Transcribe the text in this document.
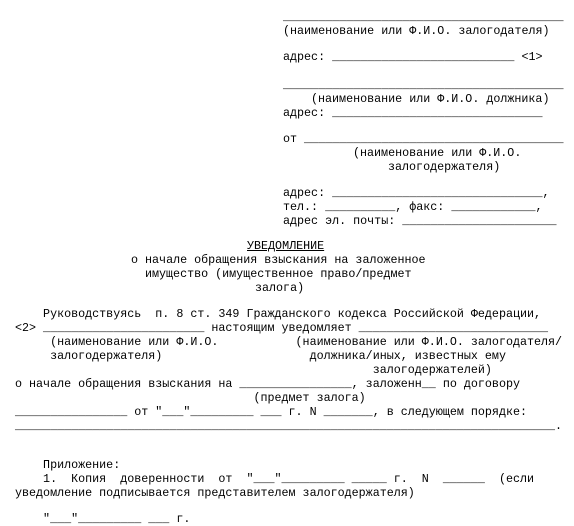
________________________________________
(наименование или Ф.И.О. залогодателя)
адрес: __________________________ <1>
________________________________________
(наименование или Ф.И.О. должника)
адрес: ______________________________
от _____________________________________
(наименование или Ф.И.О.
залогодержателя)
адрес: ______________________________,
тел.: __________, факс: ____________,
адрес эл. почты: ______________________
УВЕДОМЛЕНИЕ
о начале обращения взыскания на заложенное
имущество (имущественное право/предмет
залога)
Руководствуясь  п. 8 ст. 349 Гражданского кодекса Российской Федерации,
<2> _______________________ настоящим уведомляет ___________________________
(наименование или Ф.И.О.           (наименование или Ф.И.О. залогодателя/
залогодержателя)                     должника/иных, известных ему
залогодержателей)
о начале обращения взыскания на ________________, заложенн__ по договору
(предмет залога)
________________ от "___"_________ ___ г. N _______, в следующем порядке:
_____________________________________________________________________________.
Приложение:
1.  Копия  доверенности  от  "___"_________ _____ г.  N  ______  (если
уведомление подписывается представителем залогодержателя)
"___"_________ ___ г.
